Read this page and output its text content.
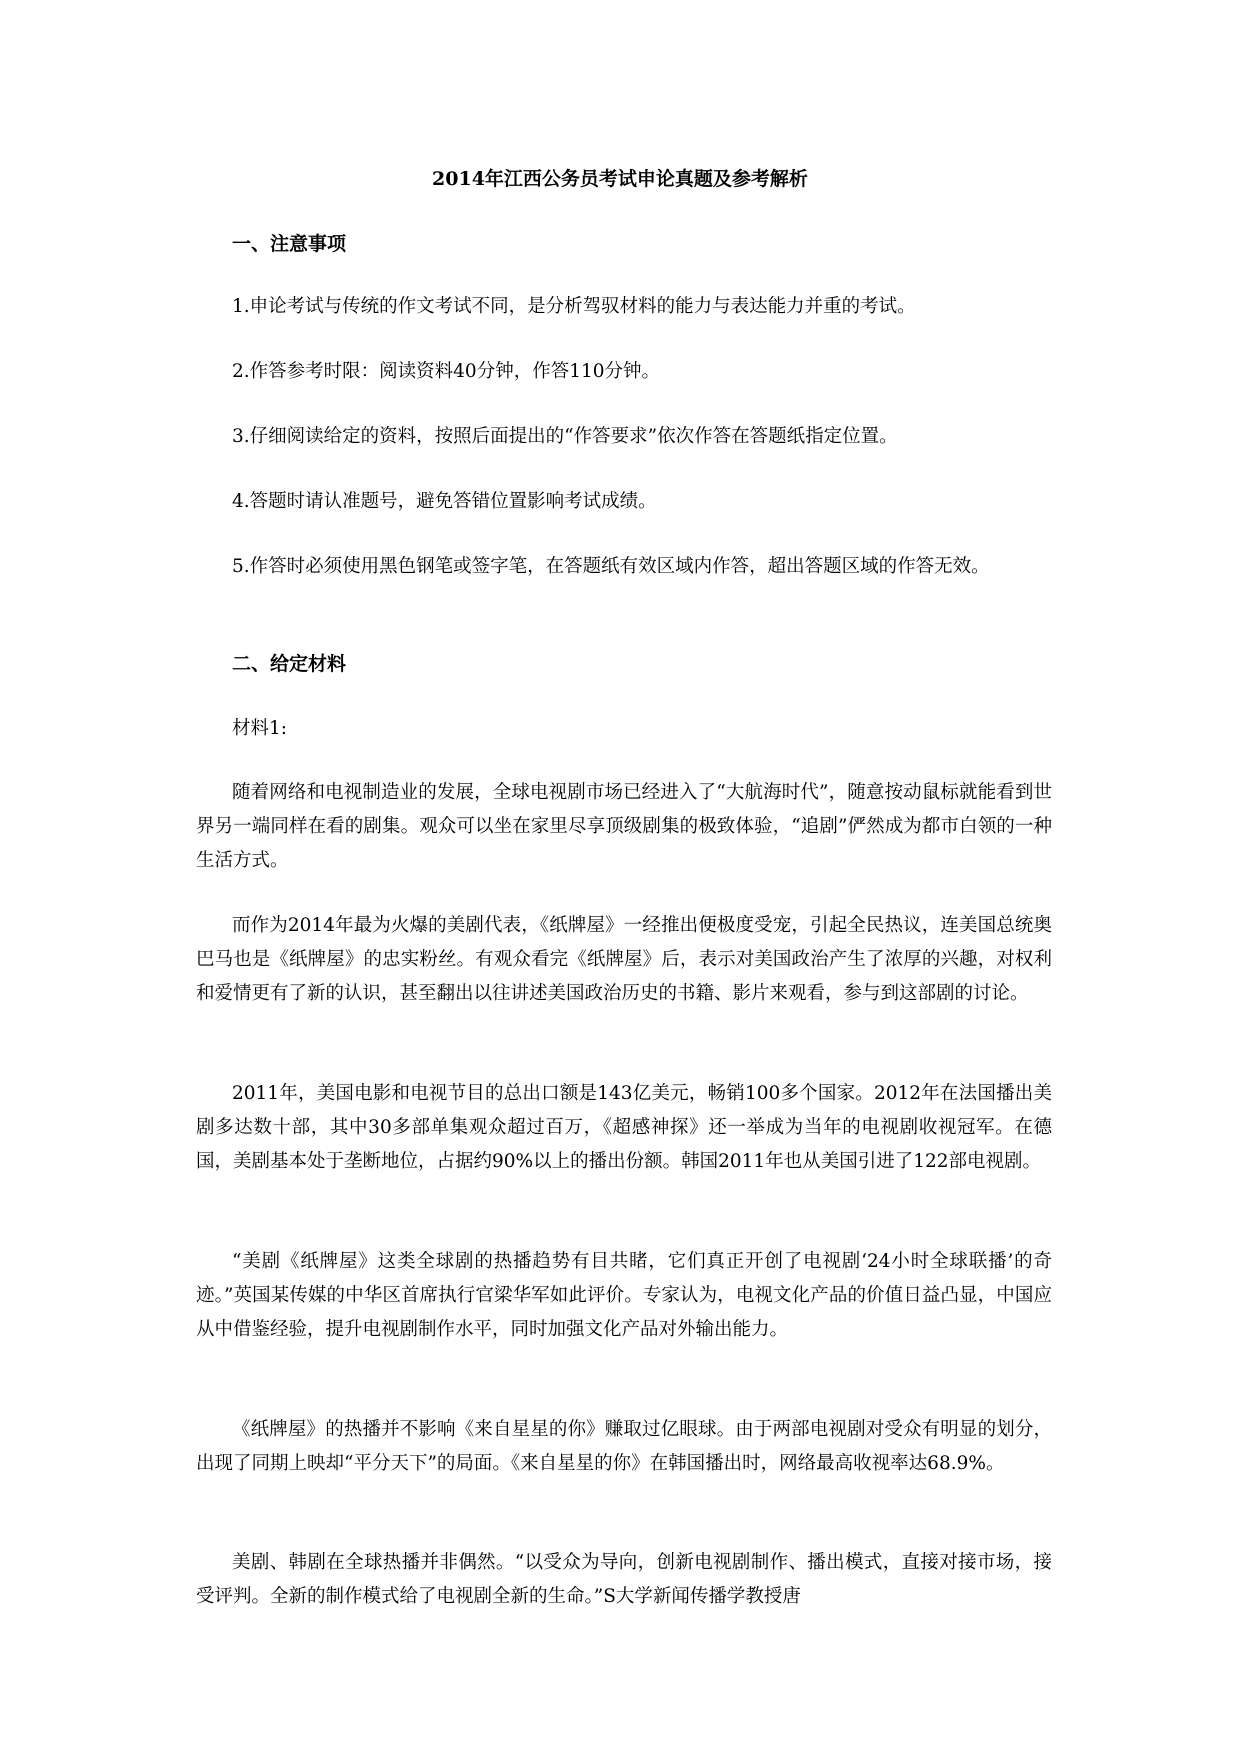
2014年江西公务员考试申论真题及参考解析
一、注意事项

1.申论考试与传统的作文考试不同，是分析驾驭材料的能力与表达能力并重的考试。

2.作答参考时限：阅读资料40分钟，作答110分钟。

3.仔细阅读给定的资料，按照后面提出的“作答要求”依次作答在答题纸指定位置。

4.答题时请认准题号，避免答错位置影响考试成绩。

5.作答时必须使用黑色钢笔或签字笔，在答题纸有效区域内作答，超出答题区域的作答无效。

二、给定材料

材料1:

随着网络和电视制造业的发展，全球电视剧市场已经进入了“大航海时代”，随意按动鼠标就能看到世界另一端同样在看的剧集。观众可以坐在家里尽享顶级剧集的极致体验，“追剧”俨然成为都市白领的一种生活方式。

而作为2014年最为火爆的美剧代表，《纸牌屋》一经推出便极度受宠，引起全民热议，连美国总统奥巴马也是《纸牌屋》的忠实粉丝。有观众看完《纸牌屋》后，表示对美国政治产生了浓厚的兴趣，对权利和爱情更有了新的认识，甚至翻出以往讲述美国政治历史的书籍、影片来观看，参与到这部剧的讨论。

2011年，美国电影和电视节目的总出口额是143亿美元，畅销100多个国家。2012年在法国播出美剧多达数十部，其中30多部单集观众超过百万，《超感神探》还一举成为当年的电视剧收视冠军。在德国，美剧基本处于垄断地位，占据约90%以上的播出份额。韩国2011年也从美国引进了122部电视剧。

“美剧《纸牌屋》这类全球剧的热播趋势有目共睹，它们真正开创了电视剧‘24小时全球联播’的奇迹。”英国某传媒的中华区首席执行官梁华军如此评价。专家认为，电视文化产品的价值日益凸显，中国应从中借鉴经验，提升电视剧制作水平，同时加强文化产品对外输出能力。

《纸牌屋》的热播并不影响《来自星星的你》赚取过亿眼球。由于两部电视剧对受众有明显的划分，出现了同期上映却“平分天下”的局面。《来自星星的你》在韩国播出时，网络最高收视率达68.9%。

美剧、韩剧在全球热播并非偶然。“以受众为导向，创新电视剧制作、播出模式，直接对接市场，接受评判。全新的制作模式给了电视剧全新的生命。”S大学新闻传播学教授唐
